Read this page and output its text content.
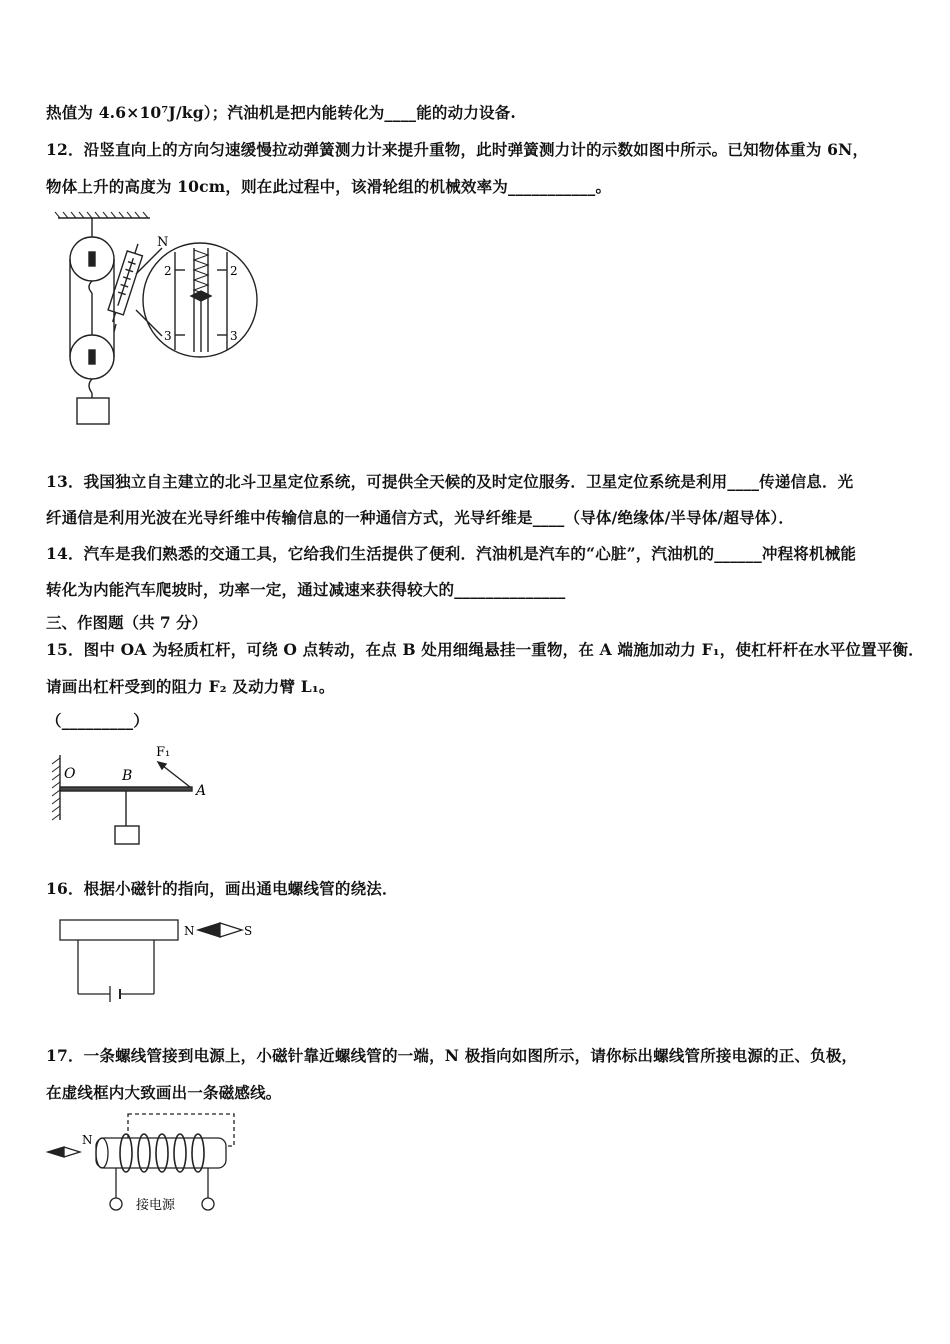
热值为 4.6×10⁷J/kg）；汽油机是把内能转化为____能的动力设备.
12．沿竖直向上的方向匀速缓慢拉动弹簧测力计来提升重物，此时弹簧测力计的示数如图中所示。已知物体重为 6N，
物体上升的高度为 10cm，则在此过程中，该滑轮组的机械效率为___________。
N
2	2
3	3
13．我国独立自主建立的北斗卫星定位系统，可提供全天候的及时定位服务．卫星定位系统是利用____传递信息．光
纤通信是利用光波在光导纤维中传输信息的一种通信方式，光导纤维是____（导体/绝缘体/半导体/超导体）．
14．汽车是我们熟悉的交通工具，它给我们生活提供了便利．汽油机是汽车的“心脏”，汽油机的______冲程将机械能
转化为内能汽车爬坡时，功率一定，通过减速来获得较大的______________
三、作图题（共 7 分）
15．图中 OA 为轻质杠杆，可绕 O 点转动，在点 B 处用细绳悬挂一重物，在 A 端施加动力 F₁，使杠杆杆在水平位置平衡．
请画出杠杆受到的阻力 F₂ 及动力臂 L₁。
（_________）
O	B
A
F₁
16．根据小磁针的指向，画出通电螺线管的绕法．
N	S
17．一条螺线管接到电源上，小磁针靠近螺线管的一端，N 极指向如图所示，请你标出螺线管所接电源的正、负极，
在虚线框内大致画出一条磁感线。
N
接电源
